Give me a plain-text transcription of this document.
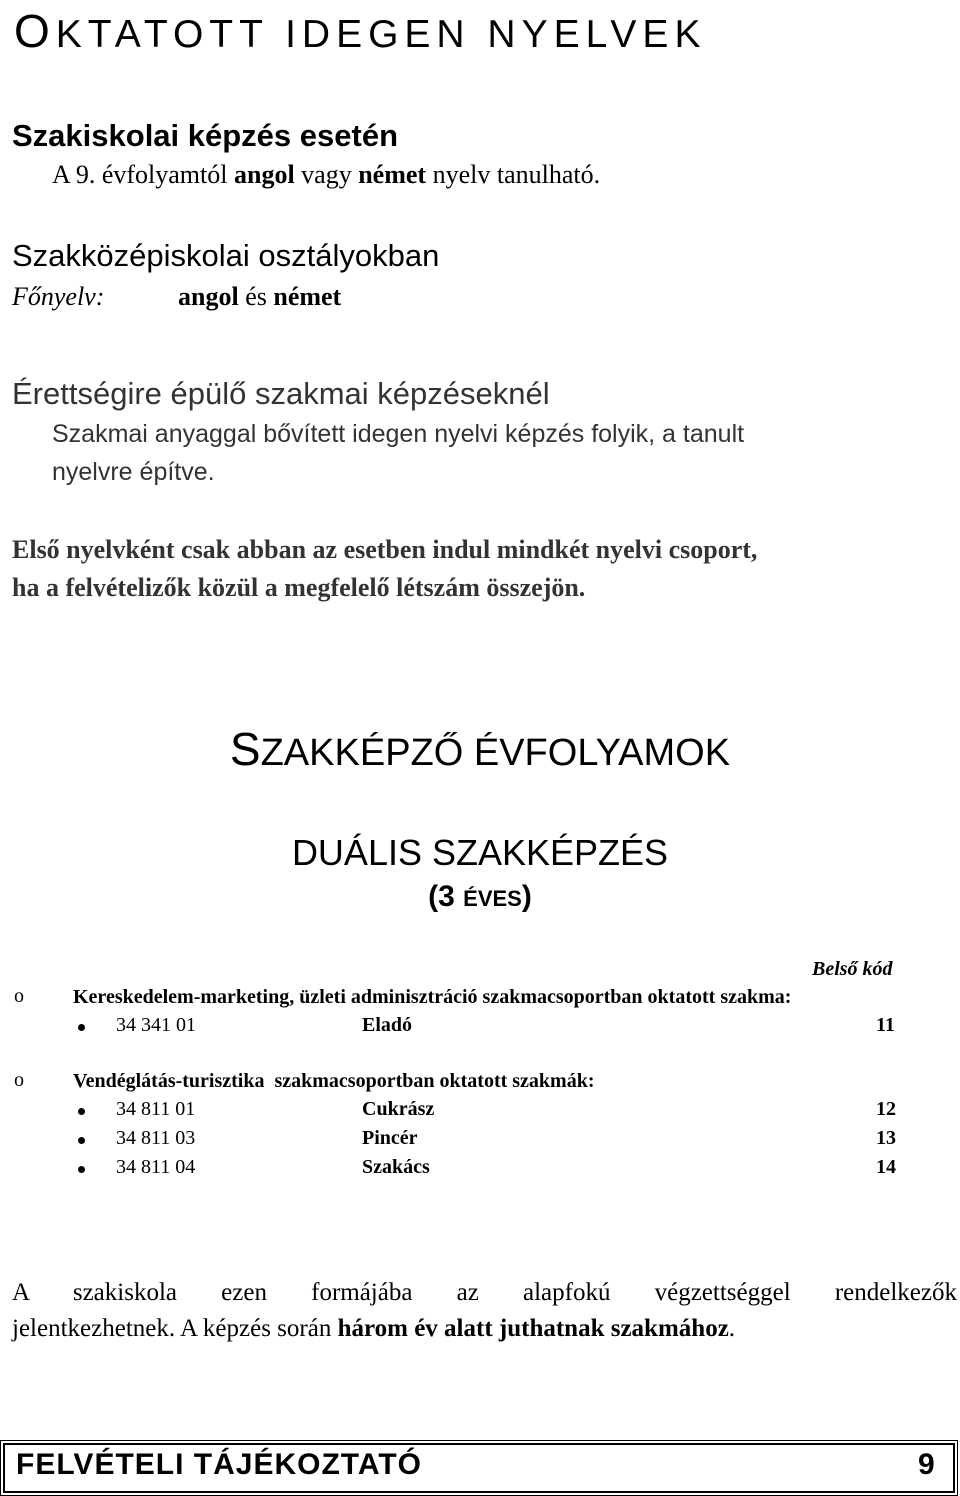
OKTATOTT IDEGEN NYELVEK
Szakiskolai képzés esetén
A 9. évfolyamtól angol vagy német nyelv tanulható.
Szakközépiskolai osztályokban
Főnyelv:	angol és német
Érettségire épülő szakmai képzéseknél
Szakmai anyaggal bővített idegen nyelvi képzés folyik, a tanult
nyelvre építve.
Első nyelvként csak abban az esetben indul mindkét nyelvi csoport,
ha a felvételizők közül a megfelelő létszám összejön.
SZAKKÉPZŐ ÉVFOLYAMOK
DUÁLIS SZAKKÉPZÉS
(3 ÉVES)
Belső kód
o Kereskedelem-marketing, üzleti adminisztráció szakmacsoportban oktatott szakma:
34 341 01	Eladó	11
o Vendéglátás-turisztika  szakmacsoportban oktatott szakmák:
34 811 01	Cukrász	12
34 811 03	Pincér	13
34 811 04	Szakács	14
A szakiskola ezen formájába az alapfokú végzettséggel rendelkezők
jelentkezhetnek. A képzés során három év alatt juthatnak szakmához.
FELVÉTELI TÁJÉKOZTATÓ	9
